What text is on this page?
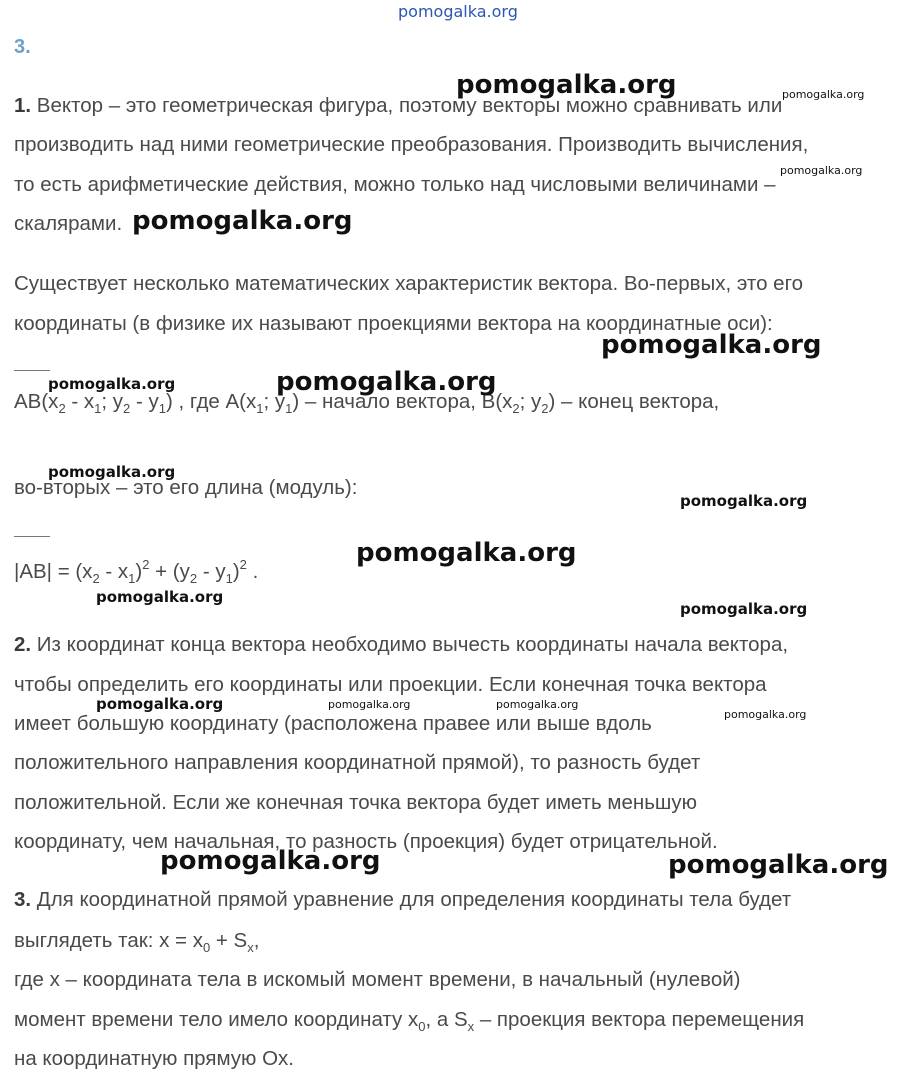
pomogalka.org
3.
1. Вектор – это геометрическая фигура, поэтому векторы можно сравнивать или
производить над ними геометрические преобразования. Производить вычисления,
то есть арифметические действия, можно только над числовыми величинами –
скалярами.
Существует несколько математических характеристик вектора. Во-первых, это его
координаты (в физике их называют проекциями вектора на координатные оси):
$AB(x_2 - x_1$; $y_2 - y_1$) , где $A(x_1$; $y_1$) – начало вектора, $B(x_2$; $y_2$) – конец вектора,
во-вторых – это его длина (модуль):
$|AB| = (x_2 - x_1)^2 + (y_2 - y_1)^2$ .
2. Из координат конца вектора необходимо вычесть координаты начала вектора,
чтобы определить его координаты или проекции. Если конечная точка вектора
имеет большую координату (расположена правее или выше вдоль
положительного направления координатной прямой), то разность будет
положительной. Если же конечная точка вектора будет иметь меньшую
координату, чем начальная, то разность (проекция) будет отрицательной.
3. Для координатной прямой уравнение для определения координаты тела будет
выглядеть так: $x = x_0 + S_x$,
где x – координата тела в искомый момент времени, в начальный (нулевой)
момент времени тело имело координату $x_0$, а $S_x$ – проекция вектора перемещения
на координатную прямую Ox.
pomogalka.org	pomogalka.org
pomogalka.org
pomogalka.org
pomogalka.org
pomogalka.org	pomogalka.org
pomogalka.org
pomogalka.org
pomogalka.org
pomogalka.org
pomogalka.org
pomogalka.org	pomogalka.org	pomogalka.org
pomogalka.org
pomogalka.org	pomogalka.org
